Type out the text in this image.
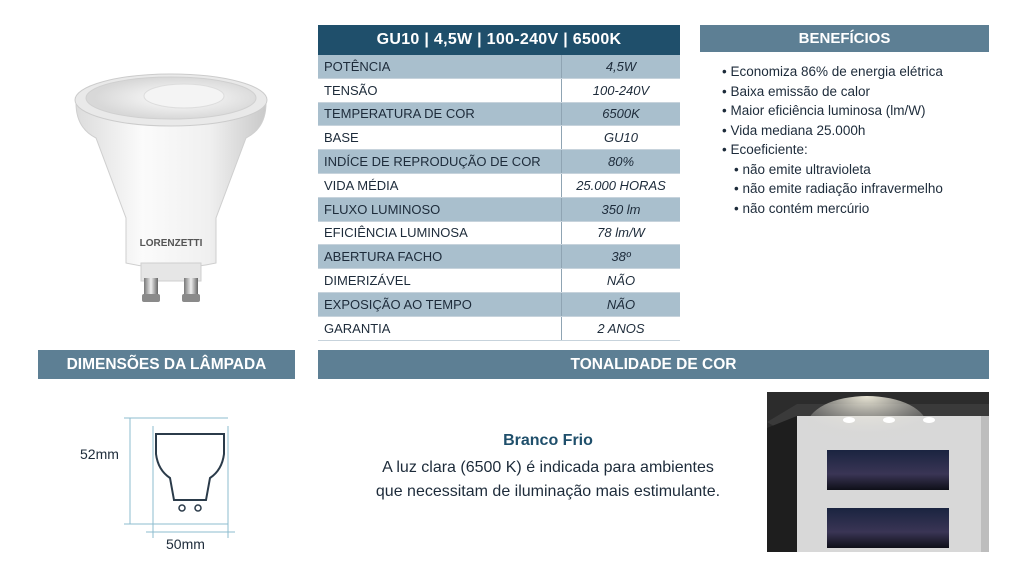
LORENZETTI
GU10 | 4,5W | 100-240V | 6500K
POTÊNCIA	4,5W
TENSÃO	100-240V
TEMPERATURA DE COR	6500K
BASE	GU10
INDÍCE DE REPRODUÇÃO DE COR	80%
VIDA MÉDIA	25.000 HORAS
FLUXO LUMINOSO	350 lm
EFICIÊNCIA LUMINOSA	78 lm/W
ABERTURA FACHO	38º
DIMERIZÁVEL	NÃO
EXPOSIÇÃO AO TEMPO	NÃO
GARANTIA	2 ANOS
BENEFÍCIOS
• Economiza 86% de energia elétrica
• Baixa emissão de calor
• Maior eficiência luminosa (lm/W)
• Vida mediana 25.000h
• Ecoeficiente:
• não emite ultravioleta
• não emite radiação infravermelho
• não contém mercúrio
DIMENSÕES DA LÂMPADA	TONALIDADE DE COR
52mm
50mm
Branco Frio
A luz clara (6500 K) é indicada para ambientes
que necessitam de iluminação mais estimulante.
